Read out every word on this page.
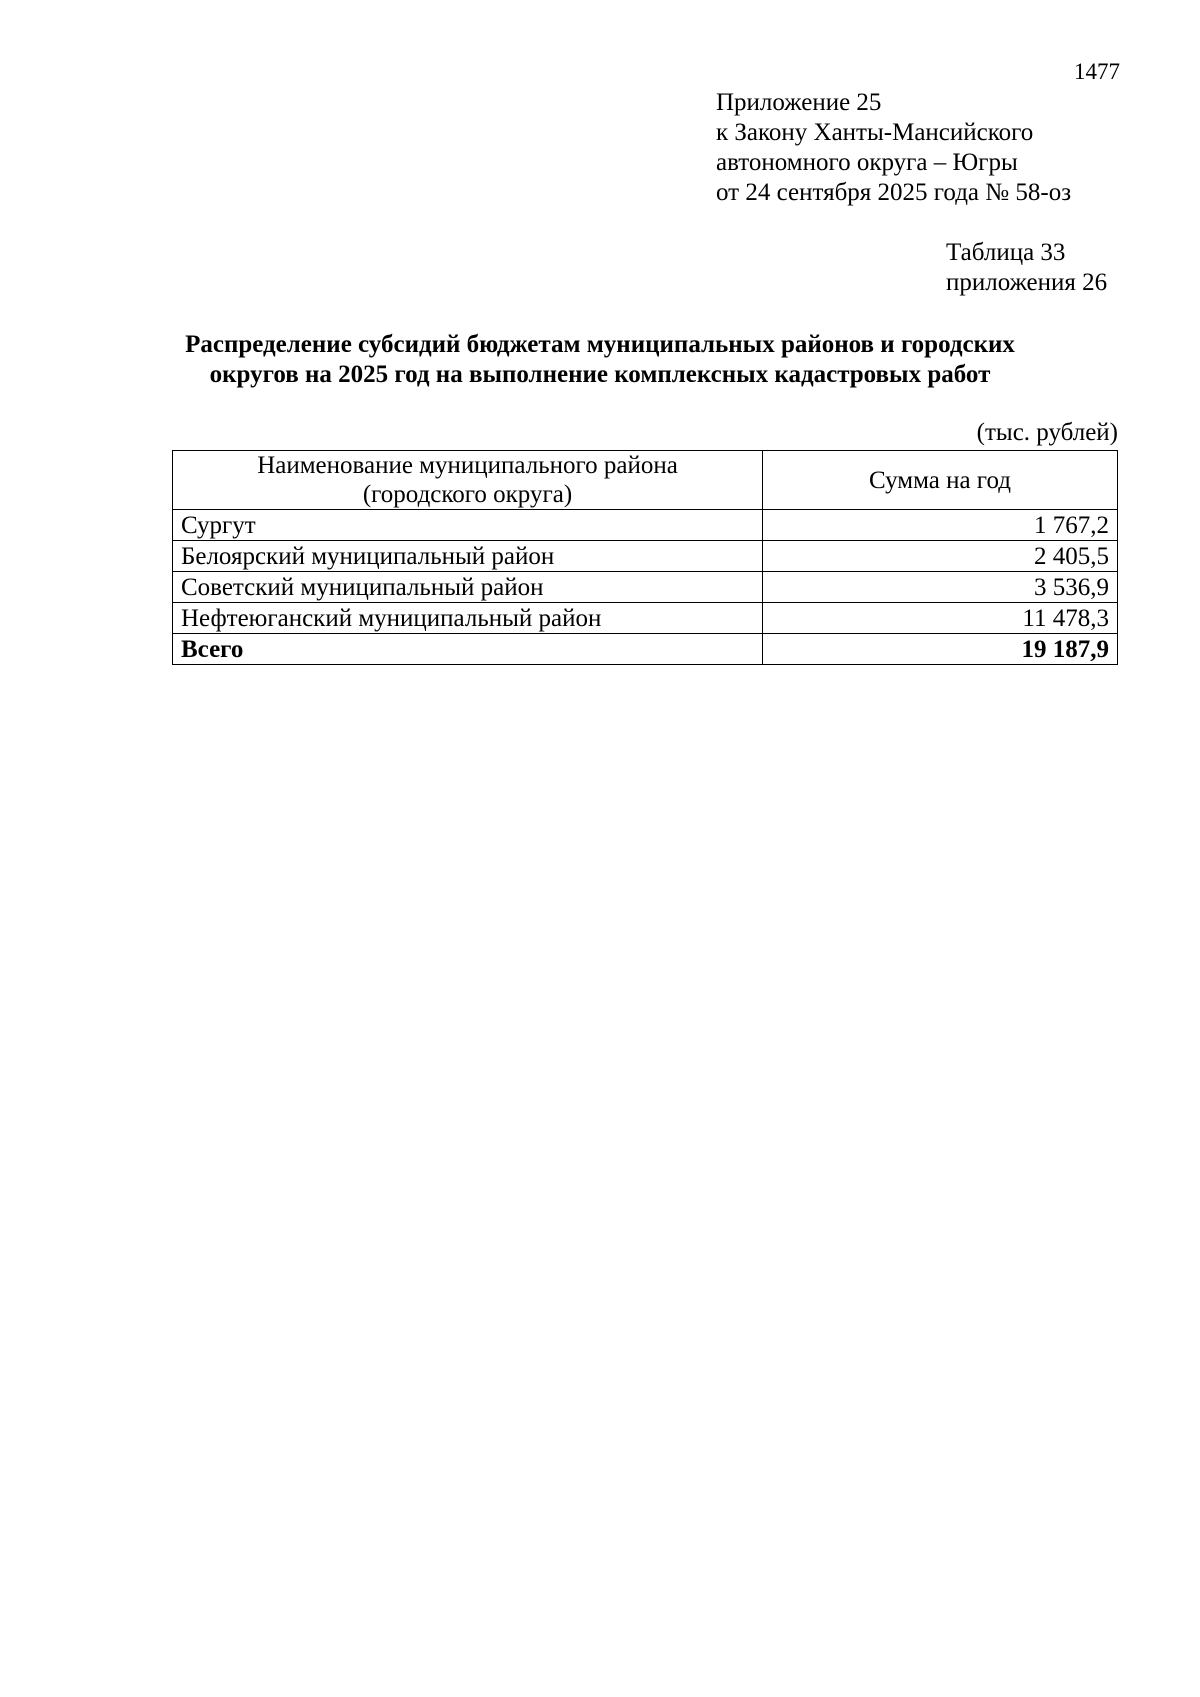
1477
Приложение 25
к Закону Ханты-Мансийского
автономного округа – Югры
от 24 сентября 2025 года № 58-оз
Таблица 33
приложения 26
Распределение субсидий бюджетам муниципальных районов и городских
округов на 2025 год на выполнение комплексных кадастровых работ
(тыс. рублей)
Наименование муниципального района
(городского округа)	Сумма на год
Сургут	1 767,2
Белоярский муниципальный район	2 405,5
Советский муниципальный район	3 536,9
Нефтеюганский муниципальный район	11 478,3
Всего	19 187,9
